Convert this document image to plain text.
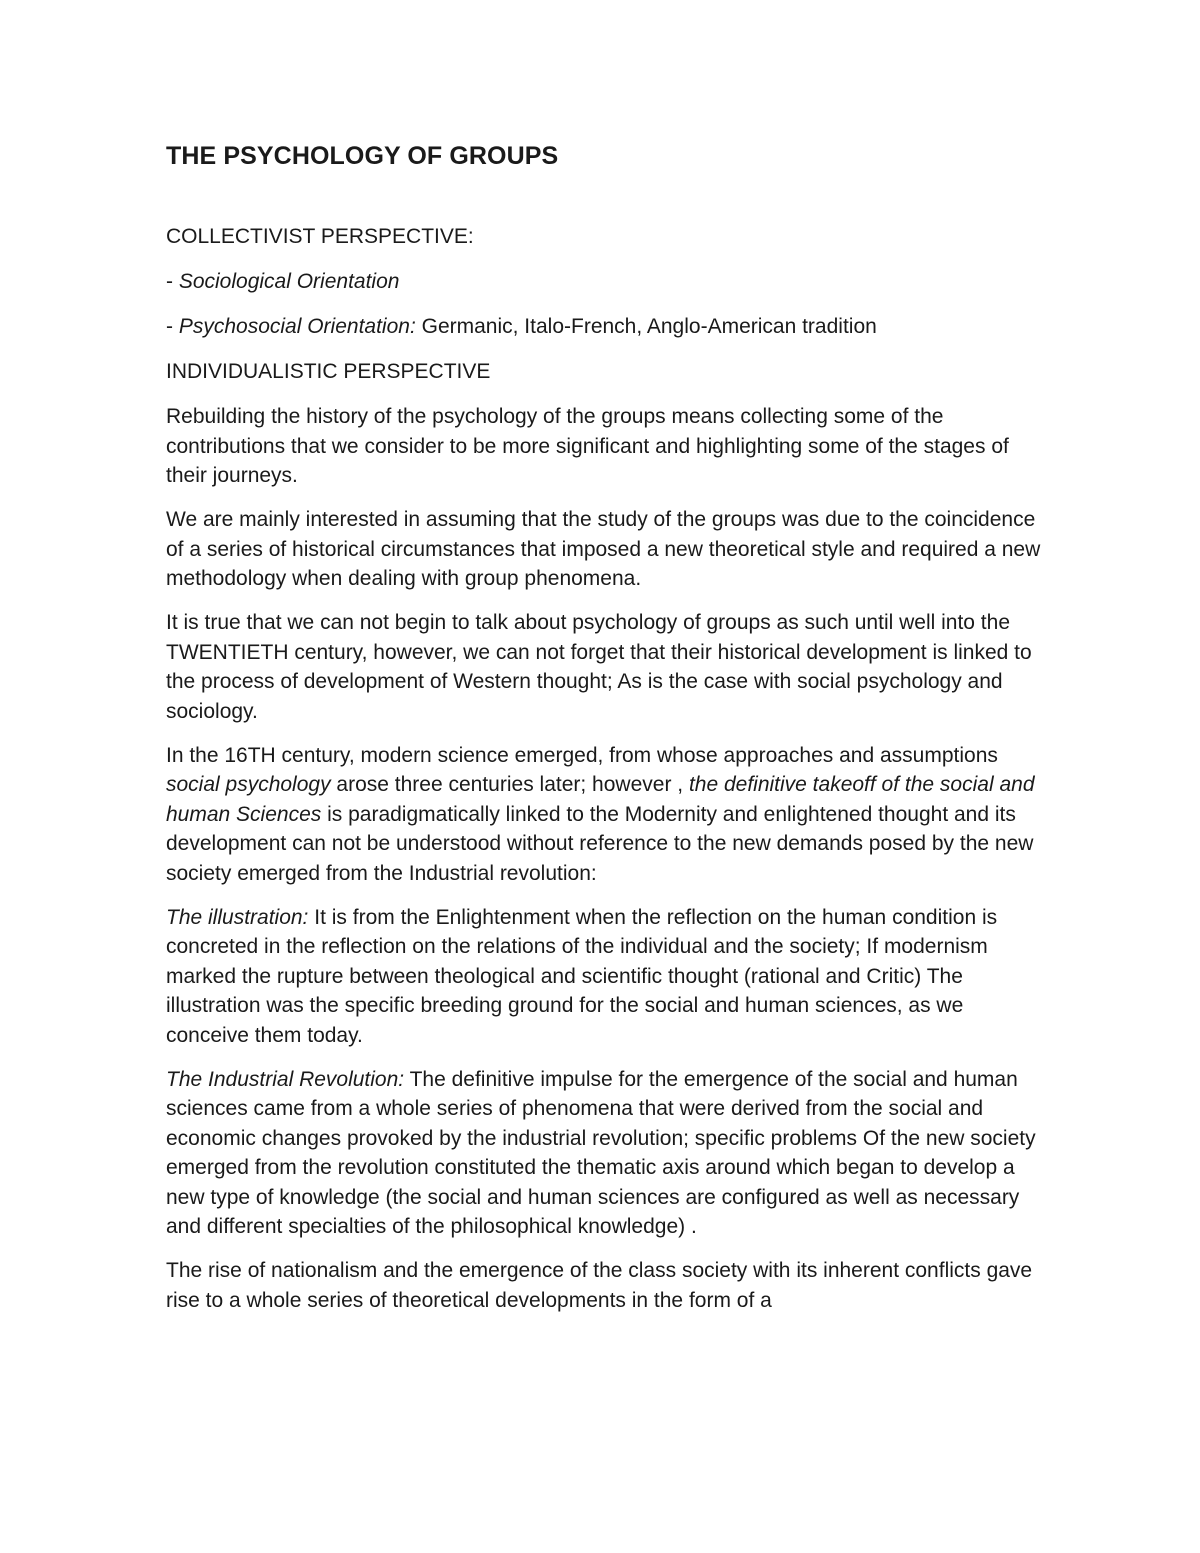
THE PSYCHOLOGY OF GROUPS

COLLECTIVIST PERSPECTIVE:

- Sociological Orientation

- Psychosocial Orientation: Germanic, Italo-French, Anglo-American tradition

INDIVIDUALISTIC PERSPECTIVE

Rebuilding the history of the psychology of the groups means collecting some of the contributions that we consider to be more significant and highlighting some of the stages of their journeys.

We are mainly interested in assuming that the study of the groups was due to the coincidence of a series of historical circumstances that imposed a new theoretical style and required a new methodology when dealing with group phenomena.

It is true that we can not begin to talk about psychology of groups as such until well into the TWENTIETH century, however, we can not forget that their historical development is linked to the process of development of Western thought; As is the case with social psychology and sociology.

In the 16TH century, modern science emerged, from whose approaches and assumptions social psychology arose three centuries later; however , the definitive takeoff of the social and human Sciences is paradigmatically linked to the Modernity and enlightened thought and its development can not be understood without reference to the new demands posed by the new society emerged from the Industrial revolution:

The illustration: It is from the Enlightenment when the reflection on the human condition is concreted in the reflection on the relations of the individual and the society; If modernism marked the rupture between theological and scientific thought (rational and Critic) The illustration was the specific breeding ground for the social and human sciences, as we conceive them today.

The Industrial Revolution: The definitive impulse for the emergence of the social and human sciences came from a whole series of phenomena that were derived from the social and economic changes provoked by the industrial revolution; specific problems Of the new society emerged from the revolution constituted the thematic axis around which began to develop a new type of knowledge (the social and human sciences are configured as well as necessary and different specialties of the philosophical knowledge) .

The rise of nationalism and the emergence of the class society with its inherent conflicts gave rise to a whole series of theoretical developments in the form of a
